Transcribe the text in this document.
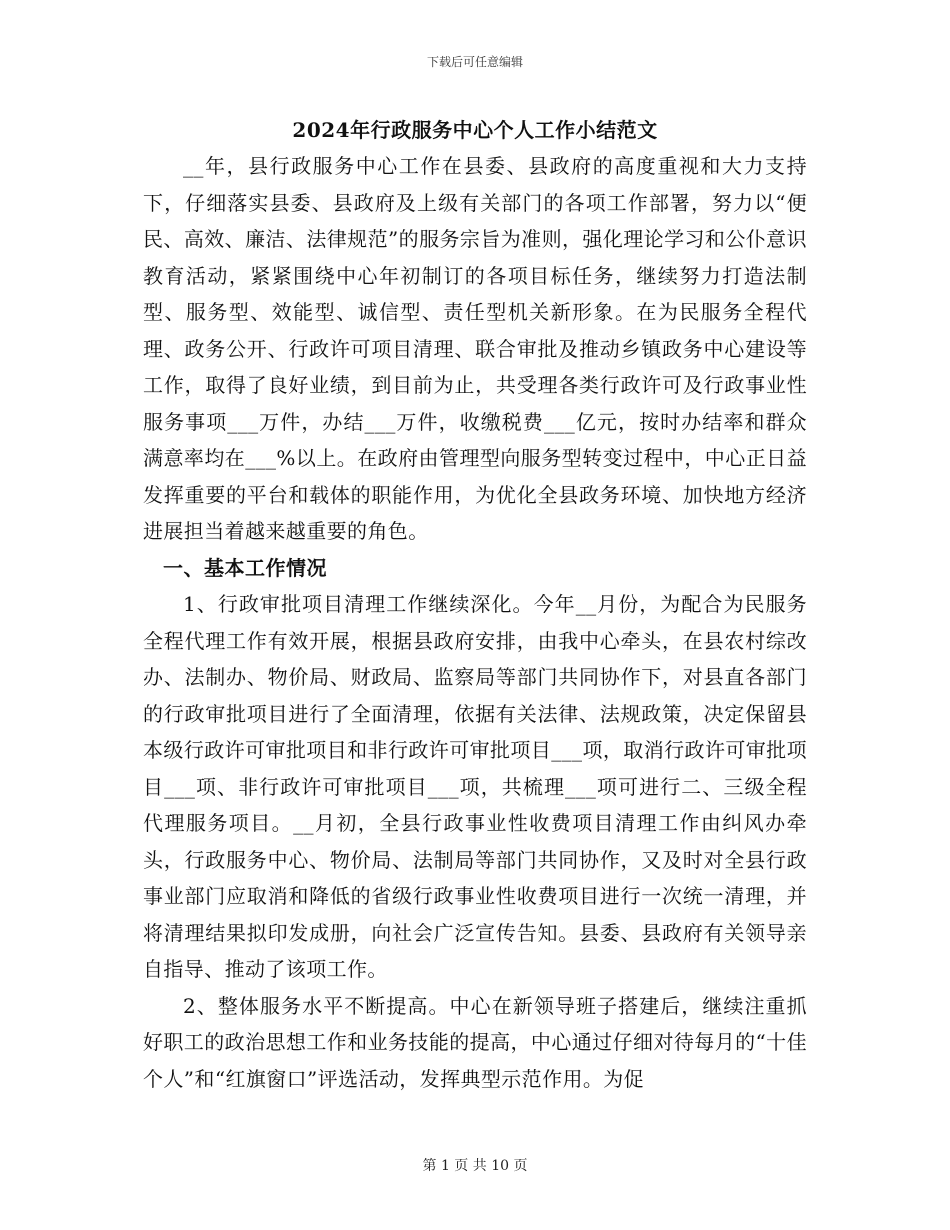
下载后可任意编辑
2024年行政服务中心个人工作小结范文

__年，县行政服务中心工作在县委、县政府的高度重视和大力支持下，仔细落实县委、县政府及上级有关部门的各项工作部署，努力以“便民、高效、廉洁、法律规范”的服务宗旨为准则，强化理论学习和公仆意识教育活动，紧紧围绕中心年初制订的各项目标任务，继续努力打造法制型、服务型、效能型、诚信型、责任型机关新形象。在为民服务全程代理、政务公开、行政许可项目清理、联合审批及推动乡镇政务中心建设等工作，取得了良好业绩，到目前为止，共受理各类行政许可及行政事业性服务事项___万件，办结___万件，收缴税费___亿元，按时办结率和群众满意率均在___%以上。在政府由管理型向服务型转变过程中，中心正日益发挥重要的平台和载体的职能作用，为优化全县政务环境、加快地方经济进展担当着越来越重要的角色。

一、基本工作情况

1、行政审批项目清理工作继续深化。今年__月份，为配合为民服务全程代理工作有效开展，根据县政府安排，由我中心牵头，在县农村综改办、法制办、物价局、财政局、监察局等部门共同协作下，对县直各部门的行政审批项目进行了全面清理，依据有关法律、法规政策，决定保留县本级行政许可审批项目和非行政许可审批项目___项，取消行政许可审批项目___项、非行政许可审批项目___项，共梳理___项可进行二、三级全程代理服务项目。__月初，全县行政事业性收费项目清理工作由纠风办牵头，行政服务中心、物价局、法制局等部门共同协作，又及时对全县行政事业部门应取消和降低的省级行政事业性收费项目进行一次统一清理，并将清理结果拟印发成册，向社会广泛宣传告知。县委、县政府有关领导亲自指导、推动了该项工作。

2、整体服务水平不断提高。中心在新领导班子搭建后，继续注重抓好职工的政治思想工作和业务技能的提高，中心通过仔细对待每月的“十佳个人”和“红旗窗口”评选活动，发挥典型示范作用。为促

第 1 页 共 10 页
